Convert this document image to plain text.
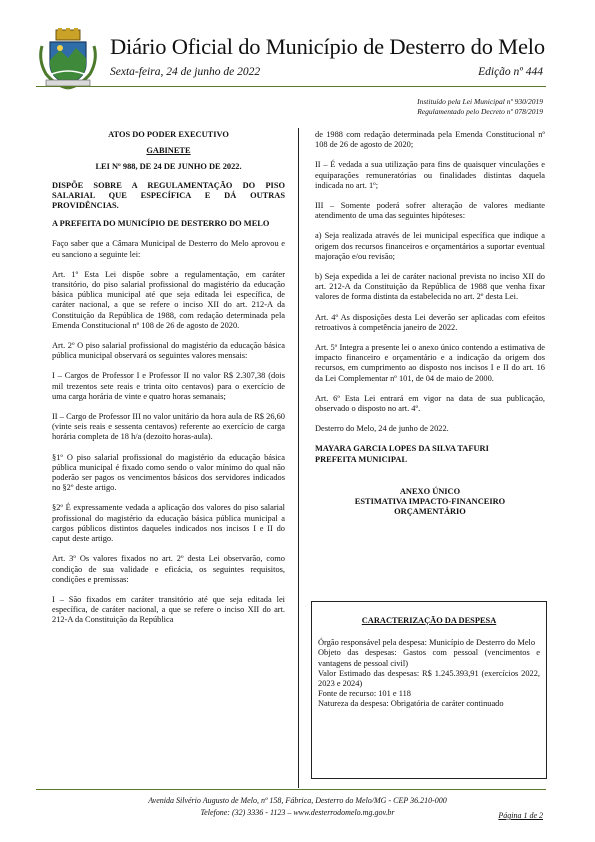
Diário Oficial do Município de Desterro do Melo
Sexta-feira, 24 de junho de 2022	Edição nº 444
Instituído pela Lei Municipal nº 930/2019
Regulamentado pelo Decreto nº 078/2019

ATOS DO PODER EXECUTIVO

GABINETE

LEI Nº 988, DE 24 DE JUNHO DE 2022.

DISPÕE SOBRE A REGULAMENTAÇÃO DO PISO SALARIAL QUE ESPECÍFICA E DÁ OUTRAS PROVIDÊNCIAS.

A PREFEITA DO MUNICÍPIO DE DESTERRO DO MELO

Faço saber que a Câmara Municipal de Desterro do Melo aprovou e eu sanciono a seguinte lei:

Art. 1º Esta Lei dispõe sobre a regulamentação, em caráter transitório, do piso salarial profissional do magistério da educação básica pública municipal até que seja editada lei específica, de caráter nacional, a que se refere o inciso XII do art. 212-A da Constituição da República de 1988, com redação determinada pela Emenda Constitucional nº 108 de 26 de agosto de 2020.

Art. 2º O piso salarial profissional do magistério da educação básica pública municipal observará os seguintes valores mensais:

I – Cargos de Professor I e Professor II no valor R$ 2.307,38 (dois mil trezentos sete reais e trinta oito centavos) para o exercício de uma carga horária de vinte e quatro horas semanais;

II – Cargo de Professor III no valor unitário da hora aula de R$ 26,60 (vinte seis reais e sessenta centavos) referente ao exercício de carga horária completa de 18 h/a (dezoito horas-aula).

§1º O piso salarial profissional do magistério da educação básica pública municipal é fixado como sendo o valor mínimo do qual não poderão ser pagos os vencimentos básicos dos servidores indicados no §2º deste artigo.

§2º É expressamente vedada a aplicação dos valores do piso salarial profissional do magistério da educação básica pública municipal a cargos públicos distintos daqueles indicados nos incisos I e II do caput deste artigo.

Art. 3º Os valores fixados no art. 2º desta Lei observarão, como condição de sua validade e eficácia, os seguintes requisitos, condições e premissas:

I – São fixados em caráter transitório até que seja editada lei específica, de caráter nacional, a que se refere o inciso XII do art. 212-A da Constituição da República

de 1988 com redação determinada pela Emenda Constitucional nº 108 de 26 de agosto de 2020;

II – É vedada a sua utilização para fins de quaisquer vinculações e equiparações remuneratórias ou finalidades distintas daquela indicada no art. 1º;

III – Somente poderá sofrer alteração de valores mediante atendimento de uma das seguintes hipóteses:

a) Seja realizada através de lei municipal específica que indique a origem dos recursos financeiros e orçamentários a suportar eventual majoração e/ou revisão;

b) Seja expedida a lei de caráter nacional prevista no inciso XII do art. 212-A da Constituição da República de 1988 que venha fixar valores de forma distinta da estabelecida no art. 2º desta Lei.

Art. 4º As disposições desta Lei deverão ser aplicadas com efeitos retroativos à competência janeiro de 2022.

Art. 5º Integra a presente lei o anexo único contendo a estimativa de impacto financeiro e orçamentário e a indicação da origem dos recursos, em cumprimento ao disposto nos incisos I e II do art. 16 da Lei Complementar nº 101, de 04 de maio de 2000.

Art. 6º Esta Lei entrará em vigor na data de sua publicação, observado o disposto no art. 4º.

Desterro do Melo, 24 de junho de 2022.

MAYARA GARCIA LOPES DA SILVA TAFURI

PREFEITA MUNICIPAL

ANEXO ÚNICO

ESTIMATIVA IMPACTO-FINANCEIRO

ORÇAMENTÁRIO

CARACTERIZAÇÃO DA DESPESA

Órgão responsável pela despesa: Município de Desterro do Melo

Objeto das despesas: Gastos com pessoal (vencimentos e vantagens de pessoal civil)

Valor Estimado das despesas: R$ 1.245.393,91 (exercícios 2022, 2023 e 2024)

Fonte de recurso: 101 e 118

Natureza da despesa: Obrigatória de caráter continuado

Avenida Silvério Augusto de Melo, nº 158, Fábrica, Desterro do Melo/MG - CEP 36.210-000
Telefone: (32) 3336 - 1123 – www.desterrodomelo.mg.gov.br	Página 1 de 2
